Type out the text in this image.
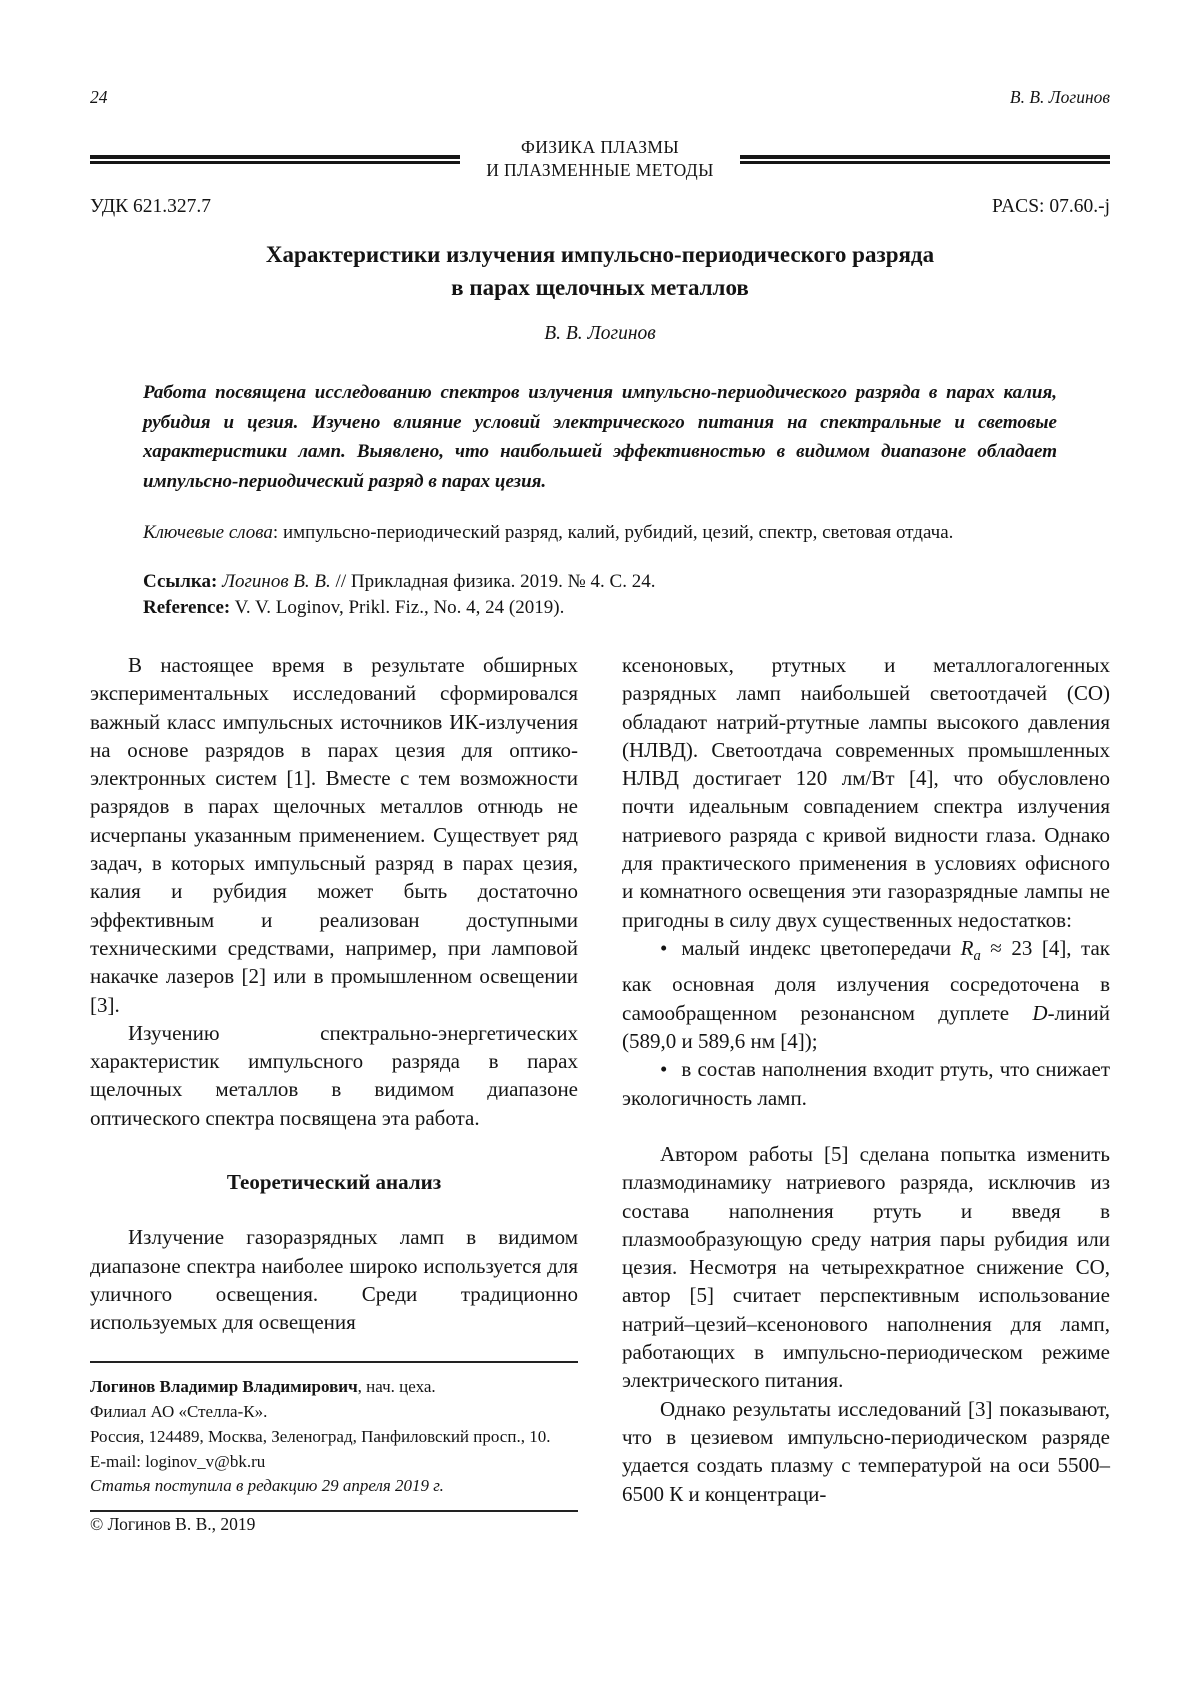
24	В. В. Логинов
ФИЗИКА ПЛАЗМЫ
И ПЛАЗМЕННЫЕ МЕТОДЫ
УДК 621.327.7	PACS: 07.60.-j
Характеристики излучения импульсно-периодического разряда
в парах щелочных металлов
В. В. Логинов
Работа посвящена исследованию спектров излучения импульсно-периодического разряда в парах калия, рубидия и цезия. Изучено влияние условий электрического питания на спектральные и световые характеристики ламп. Выявлено, что наибольшей эффективностью в видимом диапазоне обладает импульсно-периодический разряд в парах цезия.
Ключевые слова: импульсно-периодический разряд, калий, рубидий, цезий, спектр, световая отдача.

Ссылка: Логинов В. В. // Прикладная физика. 2019. № 4. С. 24.

Reference: V. V. Loginov, Prikl. Fiz., No. 4, 24 (2019).

В настоящее время в результате обширных экспериментальных исследований сформировался важный класс импульсных источников ИК-излучения на основе разрядов в парах цезия для оптико-электронных систем [1]. Вместе с тем возможности разрядов в парах щелочных металлов отнюдь не исчерпаны указанным применением. Существует ряд задач, в которых импульсный разряд в парах цезия, калия и рубидия может быть достаточно эффективным и реализован доступными техническими средствами, например, при ламповой накачке лазеров [2] или в промышленном освещении [3].

Изучению спектрально-энергетических характеристик импульсного разряда в парах щелочных металлов в видимом диапазоне оптического спектра посвящена эта работа.

Теоретический анализ

Излучение газоразрядных ламп в видимом диапазоне спектра наиболее широко используется для уличного освещения. Среди традиционно используемых для освещения

Логинов Владимир Владимирович, нач. цеха.

Филиал АО «Стелла-К».

Россия, 124489, Москва, Зеленоград, Панфиловский просп., 10.

E-mail: loginov_v@bk.ru

Статья поступила в редакцию 29 апреля 2019 г.

© Логинов В. В., 2019

ксеноновых, ртутных и металлогалогенных разрядных ламп наибольшей светоотдачей (СО) обладают натрий-ртутные лампы высокого давления (НЛВД). Светоотдача современных промышленных НЛВД достигает 120 лм/Вт [4], что обусловлено почти идеальным совпадением спектра излучения натриевого разряда с кривой видности глаза. Однако для практического применения в условиях офисного и комнатного освещения эти газоразрядные лампы не пригодны в силу двух существенных недостатков:

• малый индекс цветопередачи $R_a \approx 23$ [4], так как основная доля излучения сосредоточена в самообращенном резонансном дуплете D-линий (589,0 и 589,6 нм [4]);

• в состав наполнения входит ртуть, что снижает экологичность ламп.

Автором работы [5] сделана попытка изменить плазмодинамику натриевого разряда, исключив из состава наполнения ртуть и введя в плазмообразующую среду натрия пары рубидия или цезия. Несмотря на четырехкратное снижение СО, автор [5] считает перспективным использование натрий–цезий–ксенонового наполнения для ламп, работающих в импульсно-периодическом режиме электрического питания.

Однако результаты исследований [3] показывают, что в цезиевом импульсно-периодическом разряде удается создать плазму с температурой на оси 5500–6500 К и концентраци-
